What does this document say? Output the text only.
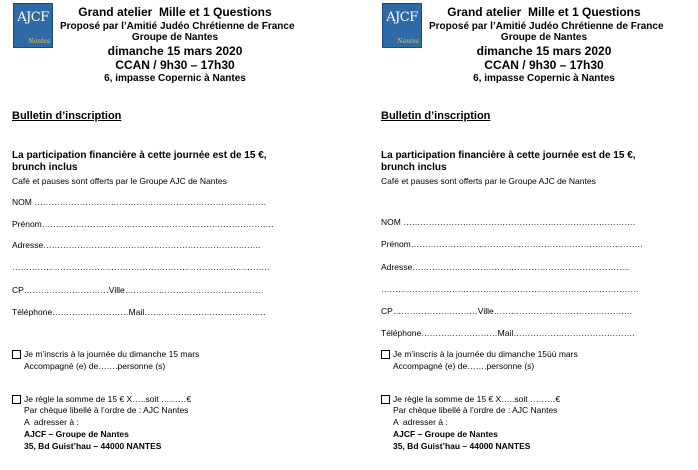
AJCF
Nantes
Grand atelier  Mille et 1 Questions
Proposé par l’Amitié Judéo Chrétienne de France
Groupe de Nantes
dimanche 15 mars 2020
CCAN / 9h30 – 17h30
6, impasse Copernic à Nantes
Bulletin d’inscription
La participation financière à cette journée est de 15 €,
brunch inclus
Café et pauses sont offerts par le Groupe AJC de Nantes
NOM ……………………………………………………………………….
Prénom……………………………………………………………………….
Adresse…………………………………………………………………..
……………………………………………………………………………….
CP…………………………Ville………………………………………….
Téléphone………………………Mail…………………………………….
Je m’inscris à la journée du dimanche 15 mars
Accompagné (e) de…….personne (s)
Je règle la somme de 15 € X…..soit ………€
Par chèque libellé à l’ordre de : AJC Nantes
A  adresser à :
AJCF – Groupe de Nantes
35, Bd Guist’hau – 44000 NANTES
AJCF
Nantes
Grand atelier  Mille et 1 Questions
Proposé par l’Amitié Judéo Chrétienne de France
Groupe de Nantes
dimanche 15 mars 2020
CCAN / 9h30 – 17h30
6, impasse Copernic à Nantes
Bulletin d’inscription
La participation financière à cette journée est de 15 €,
brunch inclus
Café et pauses sont offerts par le Groupe AJC de Nantes
NOM ……………………………………………………………………….
Prénom……………………………………………………………………….
Adresse…………………………………………………………………..
……………………………………………………………………………….
CP…………………………Ville………………………………………….
Téléphone………………………Mail…………………………………….
Je m’inscris à la journée du dimanche 15ùù mars
Accompagné (e) de…….personne (s)
Je règle la somme de 15 € X…..soit ………€
Par chèque libellé à l’ordre de : AJC Nantes
A  adresser à :
AJCF – Groupe de Nantes
35, Bd Guist’hau – 44000 NANTES
